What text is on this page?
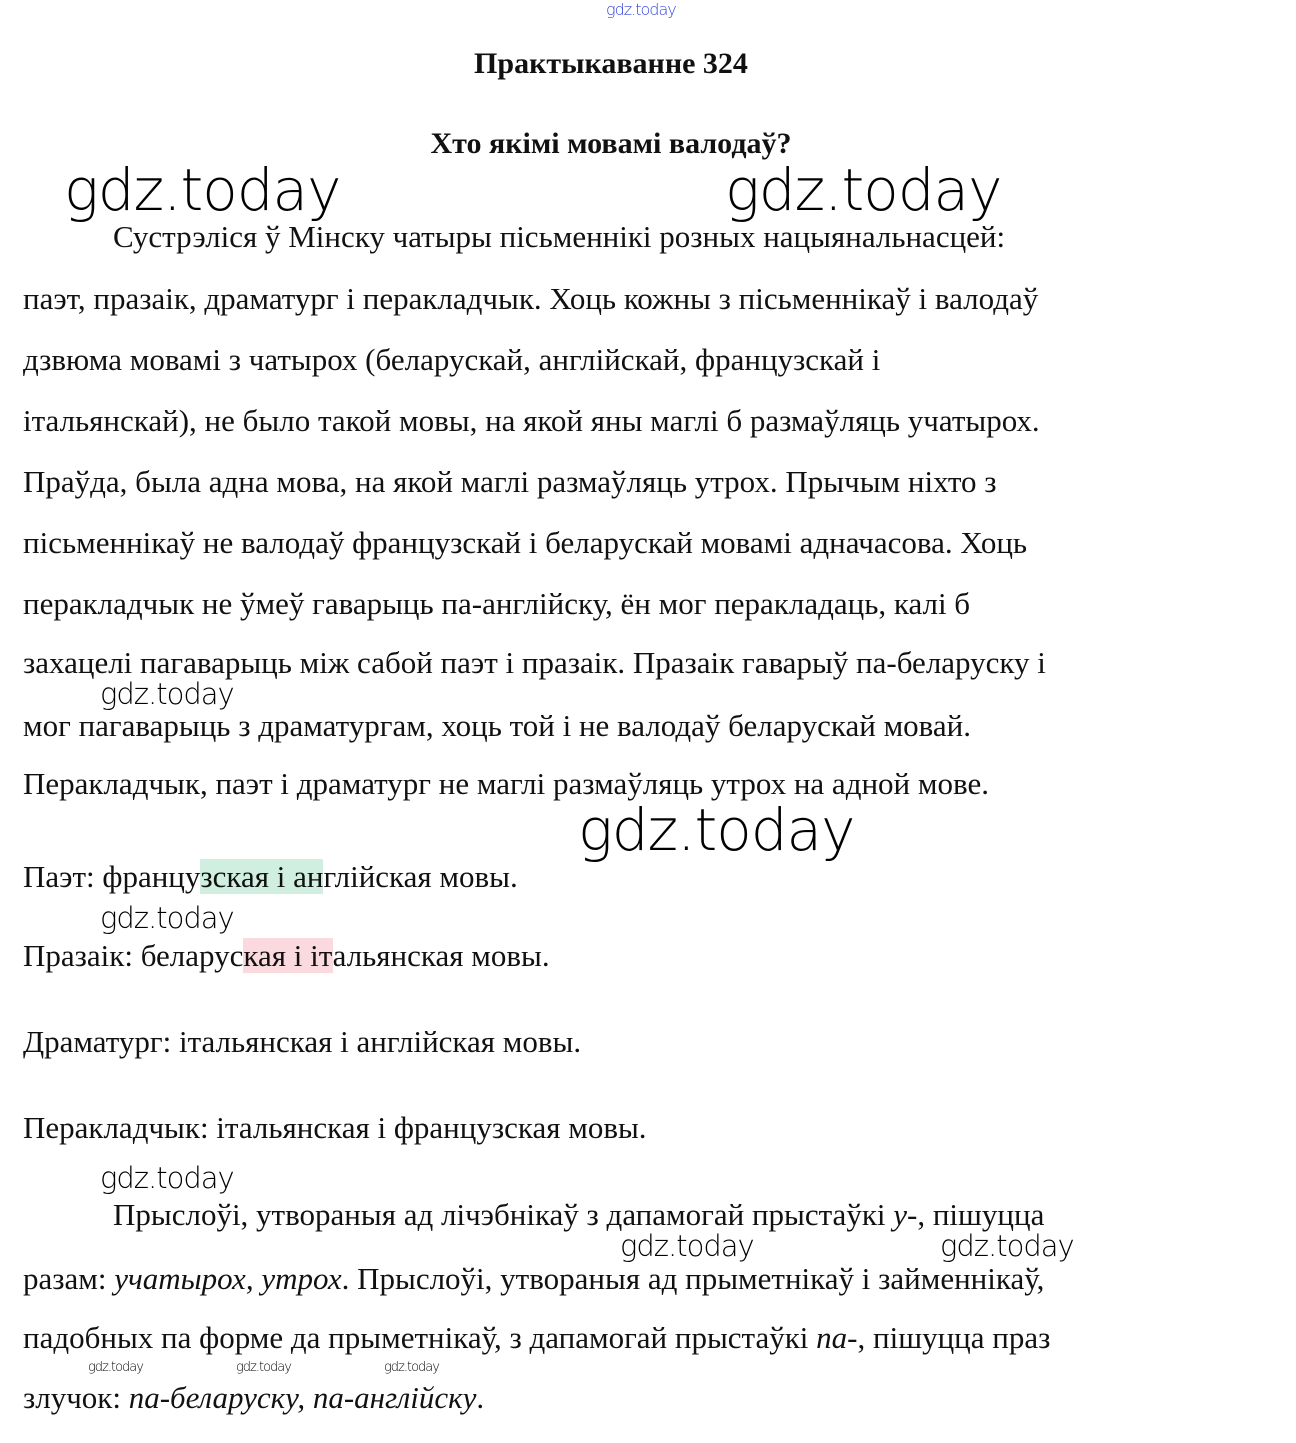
gdz.today
Практыкаванне 324
Хто якімі мовамі валодаў?
gdz.today	gdz.today
Сустрэліся ў Мінску чатыры пісьменнікі розных нацыянальнасцей:
паэт, празаік, драматург і перакладчык. Хоць кожны з пісьменнікаў і валодаў
дзвюма мовамі з чатырох (беларускай, англійскай, французскай і
італьянскай), не было такой мовы, на якой яны маглі б размаўляць учатырох.
Праўда, была адна мова, на якой маглі размаўляць утрох. Прычым ніхто з
пісьменнікаў не валодаў французскай і беларускай мовамі адначасова. Хоць
перакладчык не ўмеў гаварыць па-англійску, ён мог перакладаць, калі б
захацелі пагаварыць між сабой паэт і празаік. Празаік гаварыў па-беларуску і
мог пагаварыць з драматургам, хоць той і не валодаў беларускай мовай.
Перакладчык, паэт і драматург не маглі размаўляць утрох на адной мове.
gdz.today
gdz.today
gdz.today
Паэт: французская і англійская мовы.
Празаік: беларуская і італьянская мовы.
Драматург: італьянская і англійская мовы.
Перакладчык: італьянская і французская мовы.
gdz.today
gdz.today	gdz.today
gdz.today	gdz.today	gdz.today
Прыслоўі, утвораныя ад лічэбнікаў з дапамогай прыстаўкі у-, пішуцца
разам: учатырох, утрох. Прыслоўі, утвораныя ад прыметнікаў і займеннікаў,
падобных па форме да прыметнікаў, з дапамогай прыстаўкі па-, пішуцца праз
злучок: па-беларуску, па-англійску.
